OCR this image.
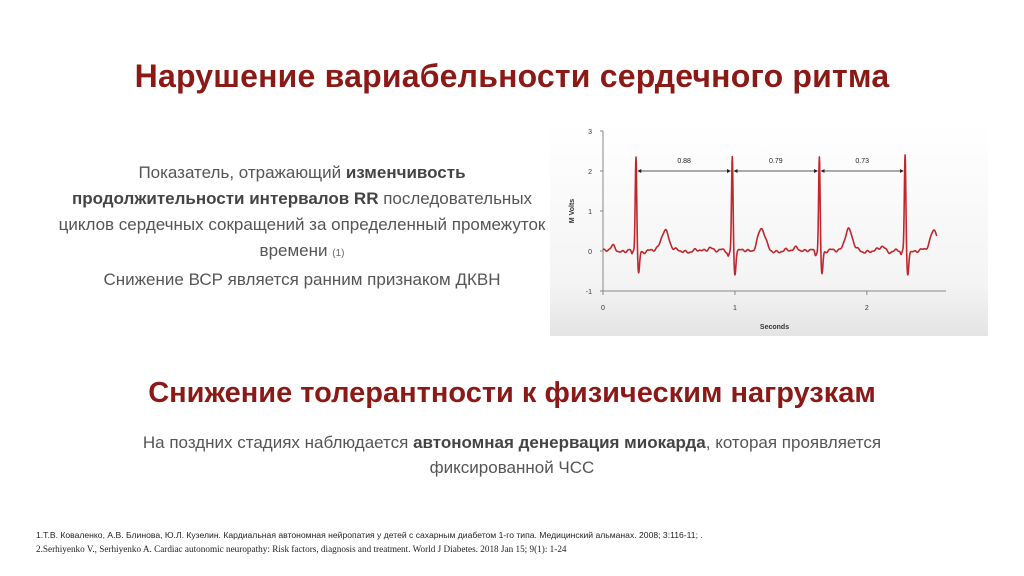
Нарушение вариабельности сердечного ритма
Показатель, отражающий изменчивость продолжительности интервалов RR последовательных циклов сердечных сокращений за определенный промежуток времени (1)
Снижение ВСР является ранним признаком ДКВН
3
2
1
0
-1
0	1	2
Seconds
M Volts
0.88	0.79	0.73
Снижение толерантности к физическим нагрузкам
На поздних стадиях наблюдается автономная денервация миокарда, которая проявляется фиксированной ЧСС
1.Т.В. Коваленко, А.В. Блинова, Ю.Л. Кузелин. Кардиальная автономная нейропатия у детей с сахарным диабетом 1-го типа. Медицинский альманах. 2008; 3:116-11; .
2.Serhiyenko V., Serhiyenko A. Cardiac autonomic neuropathy: Risk factors, diagnosis and treatment. World J Diabetes. 2018 Jan 15; 9(1): 1-24
